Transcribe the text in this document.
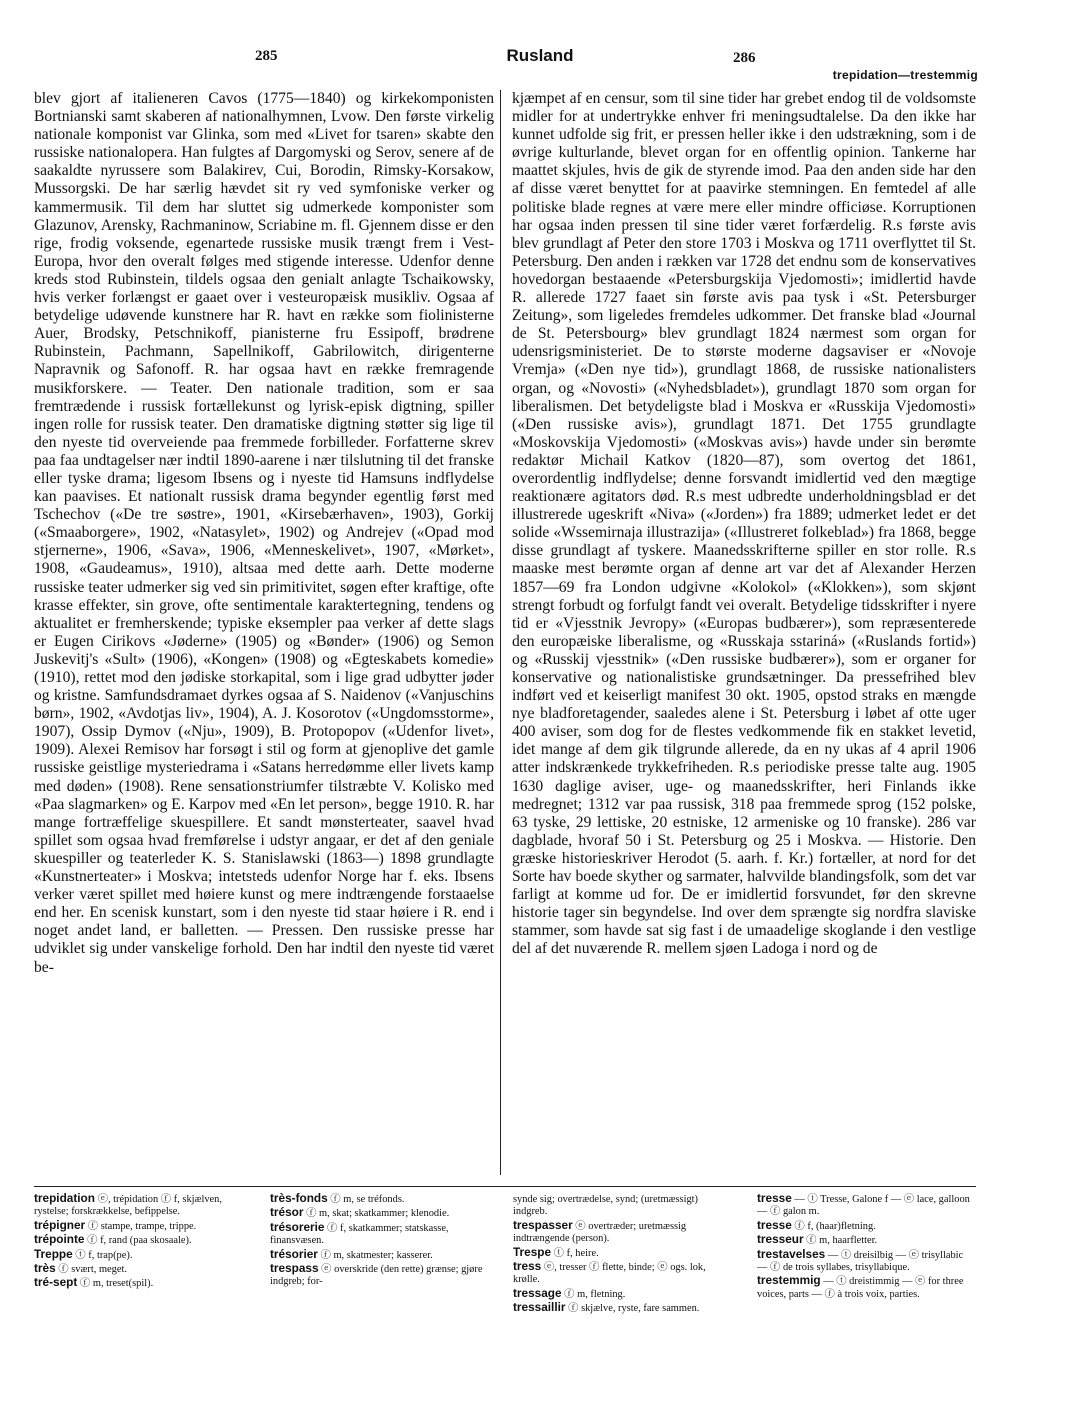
285	Rusland	286
trepidation—trestemmig

blev gjort af italieneren Cavos (1775—1840) og kirkekomponisten Bortnianski samt skaberen af nationalhymnen, Lvow. Den første virkelig nationale komponist var Glinka, som med «Livet for tsaren» skabte den russiske nationalopera. Han fulgtes af Dargomyski og Serov, senere af de saakaldte nyrussere som Balakirev, Cui, Borodin, Rimsky-Korsakow, Mussorgski. De har særlig hævdet sit ry ved symfoniske verker og kammermusik. Til dem har sluttet sig udmerkede komponister som Glazunov, Arensky, Rachmaninow, Scriabine m. fl. Gjennem disse er den rige, frodig voksende, egenartede russiske musik trængt frem i Vest-Europa, hvor den overalt følges med stigende interesse. Udenfor denne kreds stod Rubinstein, tildels ogsaa den genialt anlagte Tschaikowsky, hvis verker forlængst er gaaet over i vesteuropæisk musikliv. Ogsaa af betydelige udøvende kunstnere har R. havt en række som fiolinisterne Auer, Brodsky, Petschnikoff, pianisterne fru Essipoff, brødrene Rubinstein, Pachmann, Sapellnikoff, Gabrilowitch, dirigenterne Napravnik og Safonoff. R. har ogsaa havt en række fremragende musikforskere. — Teater. Den nationale tradition, som er saa fremtrædende i russisk fortællekunst og lyrisk-episk digtning, spiller ingen rolle for russisk teater. Den dramatiske digtning støtter sig lige til den nyeste tid overveiende paa fremmede forbilleder. Forfatterne skrev paa faa undtagelser nær indtil 1890-aarene i nær tilslutning til det franske eller tyske drama; ligesom Ibsens og i nyeste tid Hamsuns indflydelse kan paavises. Et nationalt russisk drama begynder egentlig først med Tschechov («De tre søstre», 1901, «Kirsebærhaven», 1903), Gorkij («Smaaborgere», 1902, «Natasylet», 1902) og Andrejev («Opad mod stjernerne», 1906, «Sava», 1906, «Menneskelivet», 1907, «Mørket», 1908, «Gaudeamus», 1910), altsaa med dette aarh. Dette moderne russiske teater udmerker sig ved sin primitivitet, søgen efter kraftige, ofte krasse effekter, sin grove, ofte sentimentale karaktertegning, tendens og aktualitet er fremherskende; typiske eksempler paa verker af dette slags er Eugen Cirikovs «Jøderne» (1905) og «Bønder» (1906) og Semon Juskevitj's «Sult» (1906), «Kongen» (1908) og «Egteskabets komedie» (1910), rettet mod den jødiske storkapital, som i lige grad udbytter jøder og kristne. Samfundsdramaet dyrkes ogsaa af S. Naidenov («Vanjuschins børn», 1902, «Avdotjas liv», 1904), A. J. Kosorotov («Ungdomsstorme», 1907), Ossip Dymov («Nju», 1909), B. Protopopov («Udenfor livet», 1909). Alexei Remisov har forsøgt i stil og form at gjenoplive det gamle russiske geistlige mysteriedrama i «Satans herredømme eller livets kamp med døden» (1908). Rene sensationstriumfer tilstræbte V. Kolisko med «Paa slagmarken» og E. Karpov med «En let person», begge 1910. R. har mange fortræffelige skuespillere. Et sandt mønsterteater, saavel hvad spillet som ogsaa hvad fremførelse i udstyr angaar, er det af den geniale skuespiller og teaterleder K. S. Stanislawski (1863—) 1898 grundlagte «Kunstnerteater» i Moskva; intetsteds udenfor Norge har f. eks. Ibsens verker været spillet med høiere kunst og mere indtrængende forstaaelse end her. En scenisk kunstart, som i den nyeste tid staar høiere i R. end i noget andet land, er balletten. — Pressen. Den russiske presse har udviklet sig under vanskelige forhold. Den har indtil den nyeste tid været be-

kjæmpet af en censur, som til sine tider har grebet endog til de voldsomste midler for at undertrykke enhver fri meningsudtalelse. Da den ikke har kunnet udfolde sig frit, er pressen heller ikke i den udstrækning, som i de øvrige kulturlande, blevet organ for en offentlig opinion. Tankerne har maattet skjules, hvis de gik de styrende imod. Paa den anden side har den af disse været benyttet for at paavirke stemningen. En femtedel af alle politiske blade regnes at være mere eller mindre officiøse. Korruptionen har ogsaa inden pressen til sine tider været forfærdelig. R.s første avis blev grundlagt af Peter den store 1703 i Moskva og 1711 overflyttet til St. Petersburg. Den anden i rækken var 1728 det endnu som de konservatives hovedorgan bestaaende «Petersburgskija Vjedomosti»; imidlertid havde R. allerede 1727 faaet sin første avis paa tysk i «St. Petersburger Zeitung», som ligeledes fremdeles udkommer. Det franske blad «Journal de St. Petersbourg» blev grundlagt 1824 nærmest som organ for udensrigsministeriet. De to største moderne dagsaviser er «Novoje Vremja» («Den nye tid»), grundlagt 1868, de russiske nationalisters organ, og «Novosti» («Nyhedsbladet»), grundlagt 1870 som organ for liberalismen. Det betydeligste blad i Moskva er «Russkija Vjedomosti» («Den russiske avis»), grundlagt 1871. Det 1755 grundlagte «Moskovskija Vjedomosti» («Moskvas avis») havde under sin berømte redaktør Michail Katkov (1820—87), som overtog det 1861, overordentlig indflydelse; denne forsvandt imidlertid ved den mægtige reaktionære agitators død. R.s mest udbredte underholdningsblad er det illustrerede ugeskrift «Niva» («Jorden») fra 1889; udmerket ledet er det solide «Wssemirnaja illustrazija» («Illustreret folkeblad») fra 1868, begge disse grundlagt af tyskere. Maanedsskrifterne spiller en stor rolle. R.s maaske mest berømte organ af denne art var det af Alexander Herzen 1857—69 fra London udgivne «Kolokol» («Klokken»), som skjønt strengt forbudt og forfulgt fandt vei overalt. Betydelige tidsskrifter i nyere tid er «Vjesstnik Jevropy» («Europas budbærer»), som repræsenterede den europæiske liberalisme, og «Russkaja sstariná» («Ruslands fortid») og «Russkij vjesstnik» («Den russiske budbærer»), som er organer for konservative og nationalistiske grundsætninger. Da pressefrihed blev indført ved et keiserligt manifest 30 okt. 1905, opstod straks en mængde nye bladforetagender, saaledes alene i St. Petersburg i løbet af otte uger 400 aviser, som dog for de flestes vedkommende fik en stakket levetid, idet mange af dem gik tilgrunde allerede, da en ny ukas af 4 april 1906 atter indskrænkede trykkefriheden. R.s periodiske presse talte aug. 1905 1630 daglige aviser, uge- og maanedsskrifter, heri Finlands ikke medregnet; 1312 var paa russisk, 318 paa fremmede sprog (152 polske, 63 tyske, 29 lettiske, 20 estniske, 12 armeniske og 10 franske). 286 var dagblade, hvoraf 50 i St. Petersburg og 25 i Moskva. — Historie. Den græske historieskriver Herodot (5. aarh. f. Kr.) fortæller, at nord for det Sorte hav boede skyther og sarmater, halvvilde blandingsfolk, som det var farligt at komme ud for. De er imidlertid forsvundet, før den skrevne historie tager sin begyndelse. Ind over dem sprængte sig nordfra slaviske stammer, som havde sat sig fast i de umaadelige skoglande i den vestlige del af det nuværende R. mellem sjøen Ladoga i nord og de

trepidation ⓔ, trépidation ⓕ f, skjælven, rystelse; forskrækkelse, befippelse.
trépigner ⓕ stampe, trampe, trippe.
trépointe ⓕ f, rand (paa skosaale).
Treppe ⓣ f, trap(pe).
très ⓕ svært, meget.
tré-sept ⓕ m, treset(spil).
très-fonds ⓕ m, se tréfonds.
trésor ⓕ m, skat; skatkammer; klenodie.
trésorerie ⓕ f, skatkammer; statskasse, finansvæsen.
trésorier ⓕ m, skatmester; kasserer.
trespass ⓔ overskride (den rette) grænse; gjøre indgreb; for-
synde sig; overtrædelse, synd; (uretmæssigt) indgreb.
trespasser ⓔ overtræder; uretmæssig indtrængende (person).
Trespe ⓣ f, heire.
tress ⓔ, tresser ⓕ flette, binde; ⓔ ogs. lok, krølle.
tressage ⓕ m, fletning.
tressaillir ⓕ skjælve, ryste, fare sammen.
tresse — ⓣ Tresse, Galone f — ⓔ lace, galloon — ⓕ galon m.
tresse ⓕ f, (haar)fletning.
tresseur ⓕ m, haarfletter.
trestavelses — ⓣ dreisilbig — ⓔ trisyllabic — ⓕ de trois syllabes, trisyllabique.
trestemmig — ⓣ dreistimmig — ⓔ for three voices, parts — ⓕ à trois voix, parties.
